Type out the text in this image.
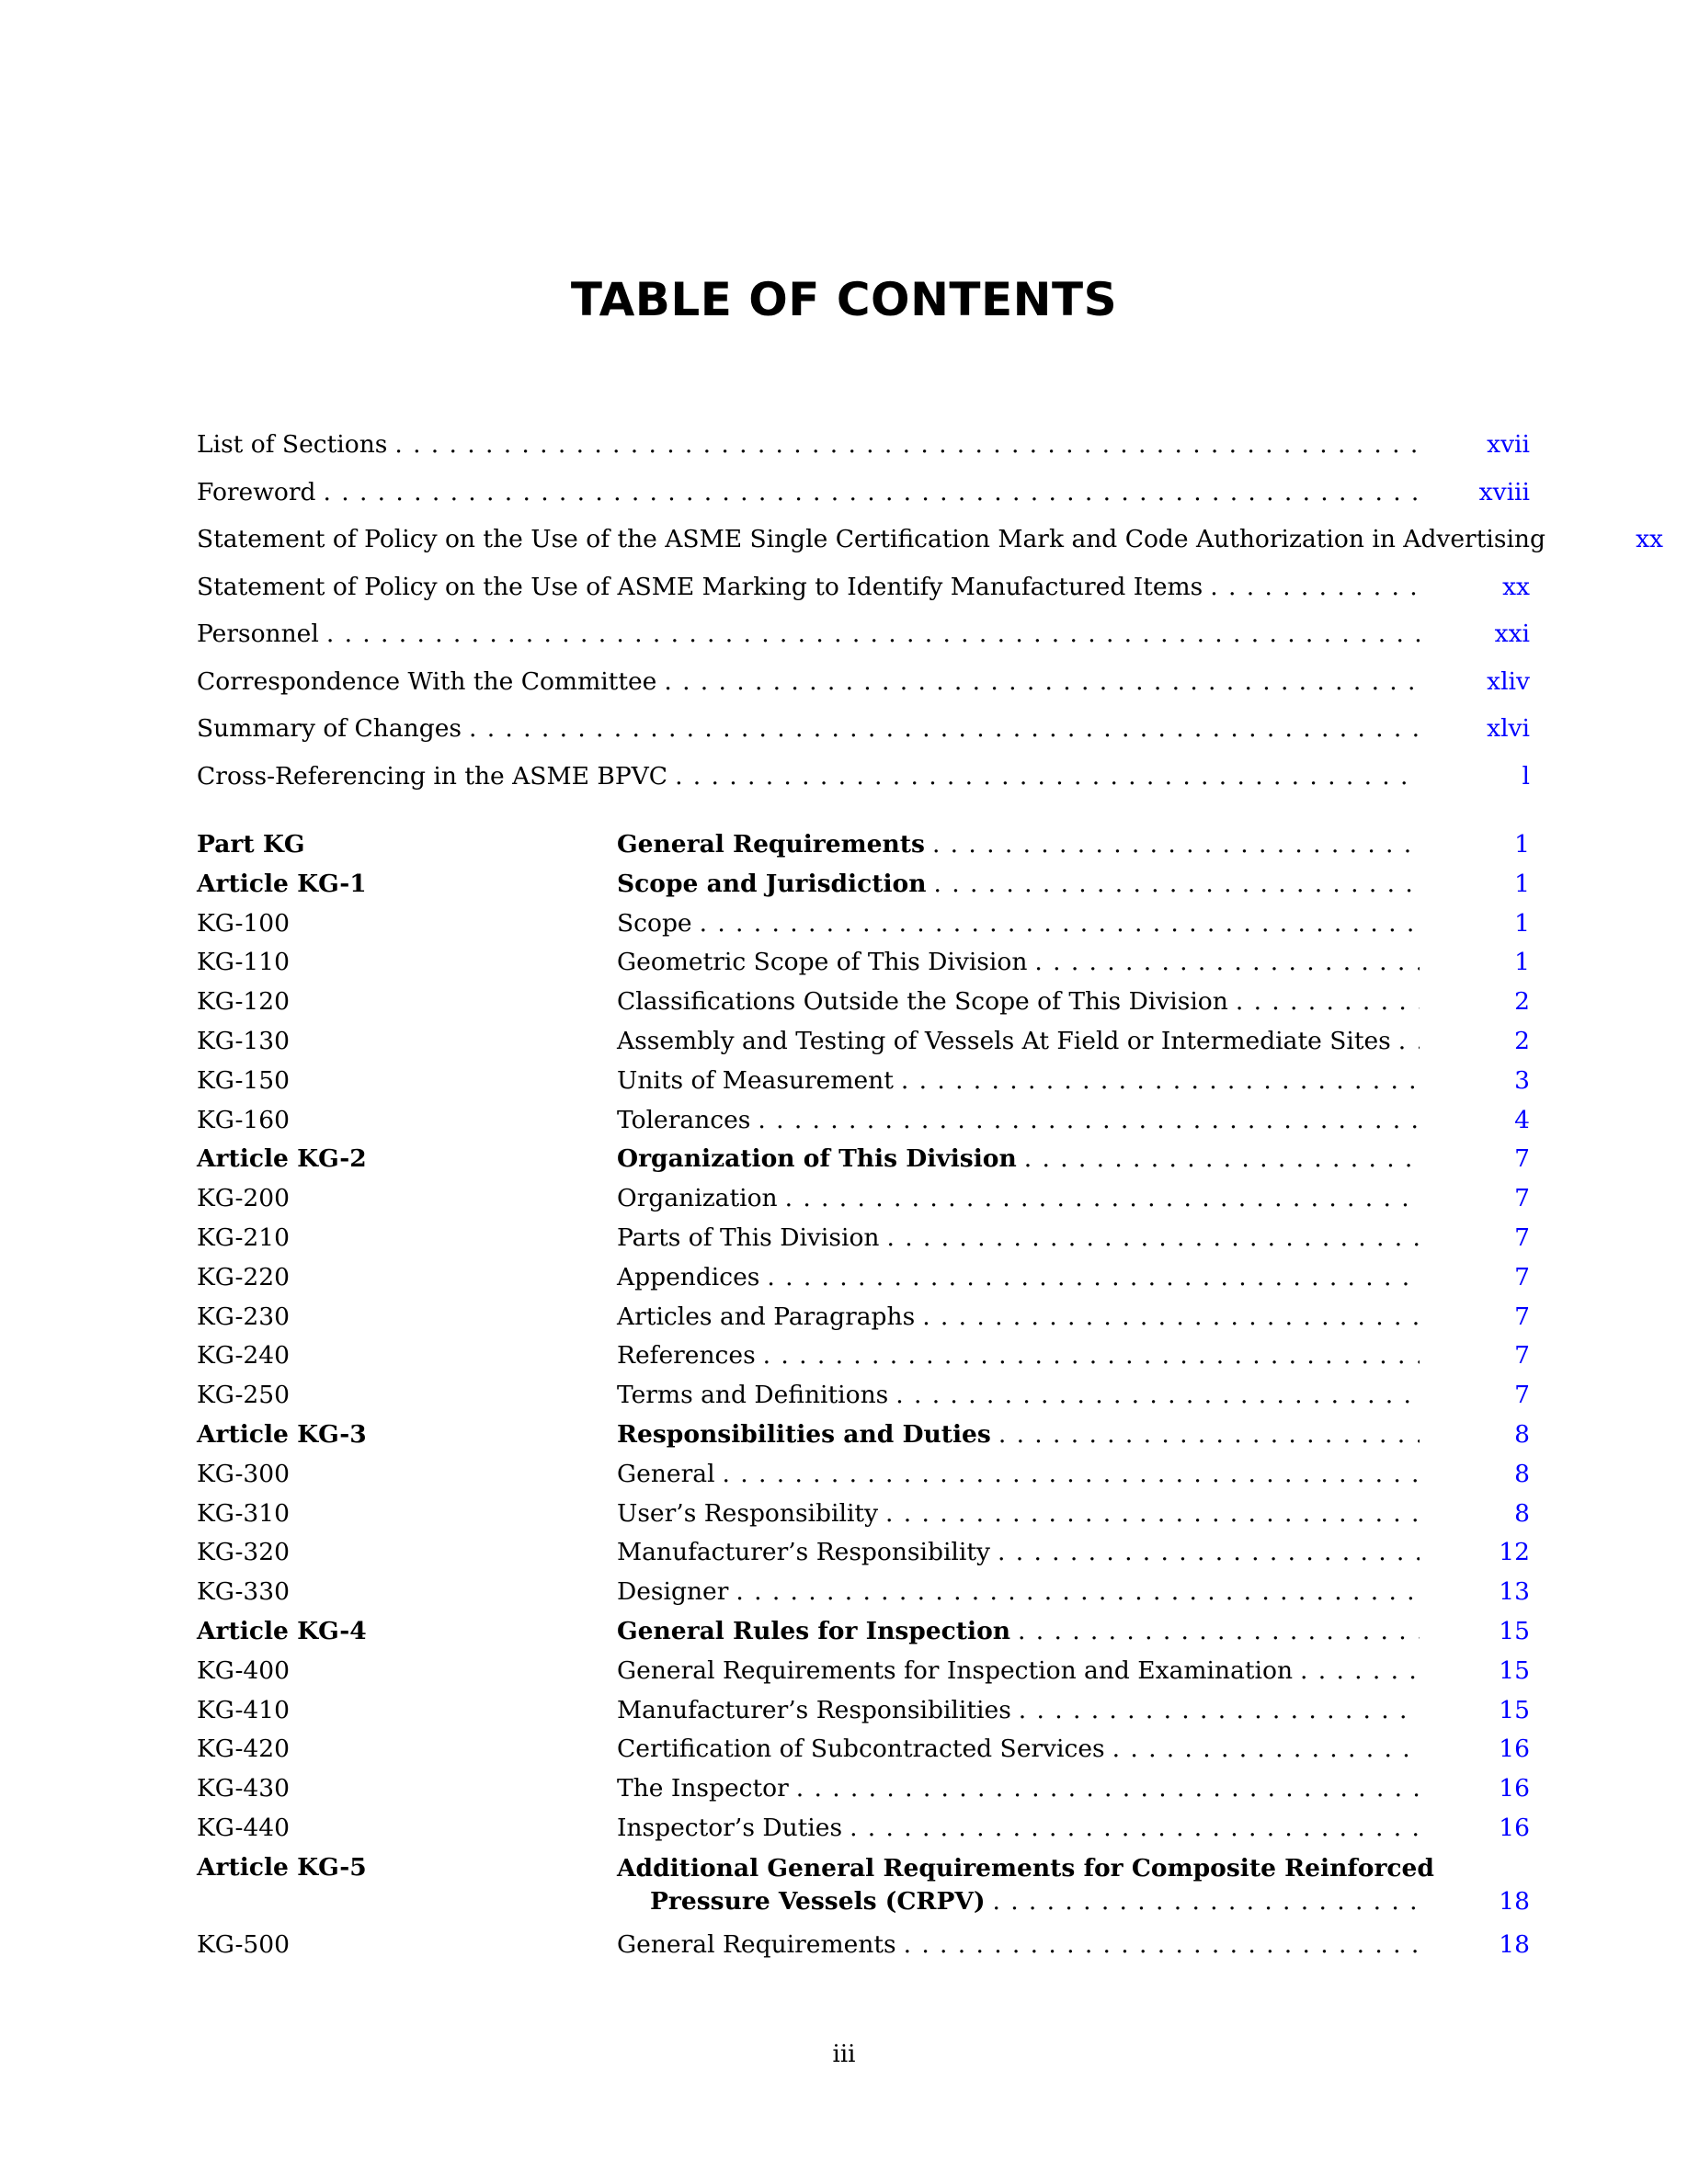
TABLE OF CONTENTS
List of Sections .....	xvii
Foreword .....	xviii
Statement of Policy on the Use of the ASME Single Certification Mark and Code Authorization in Advertising	xx
Statement of Policy on the Use of ASME Marking to Identify Manufactured Items .....	xx
Personnel .....	xxi
Correspondence With the Committee .....	xliv
Summary of Changes .....	xlvi
Cross-Referencing in the ASME BPVC .....	l
Part KG	General Requirements .....	1
Article KG-1	Scope and Jurisdiction .....	1
KG-100	Scope .....	1
KG-110	Geometric Scope of This Division .....	1
KG-120	Classifications Outside the Scope of This Division .....	2
KG-130	Assembly and Testing of Vessels At Field or Intermediate Sites .....	2
KG-150	Units of Measurement .....	3
KG-160	Tolerances .....	4
Article KG-2	Organization of This Division .....	7
KG-200	Organization .....	7
KG-210	Parts of This Division .....	7
KG-220	Appendices .....	7
KG-230	Articles and Paragraphs .....	7
KG-240	References .....	7
KG-250	Terms and Definitions .....	7
Article KG-3	Responsibilities and Duties .....	8
KG-300	General .....	8
KG-310	User’s Responsibility .....	8
KG-320	Manufacturer’s Responsibility .....	12
KG-330	Designer .....	13
Article KG-4	General Rules for Inspection .....	15
KG-400	General Requirements for Inspection and Examination .....	15
KG-410	Manufacturer’s Responsibilities .....	15
KG-420	Certification of Subcontracted Services .....	16
KG-430	The Inspector .....	16
KG-440	Inspector’s Duties .....	16
Article KG-5	Additional General Requirements for Composite Reinforced
Pressure Vessels (CRPV) .....	18
KG-500	General Requirements .....	18
iii
